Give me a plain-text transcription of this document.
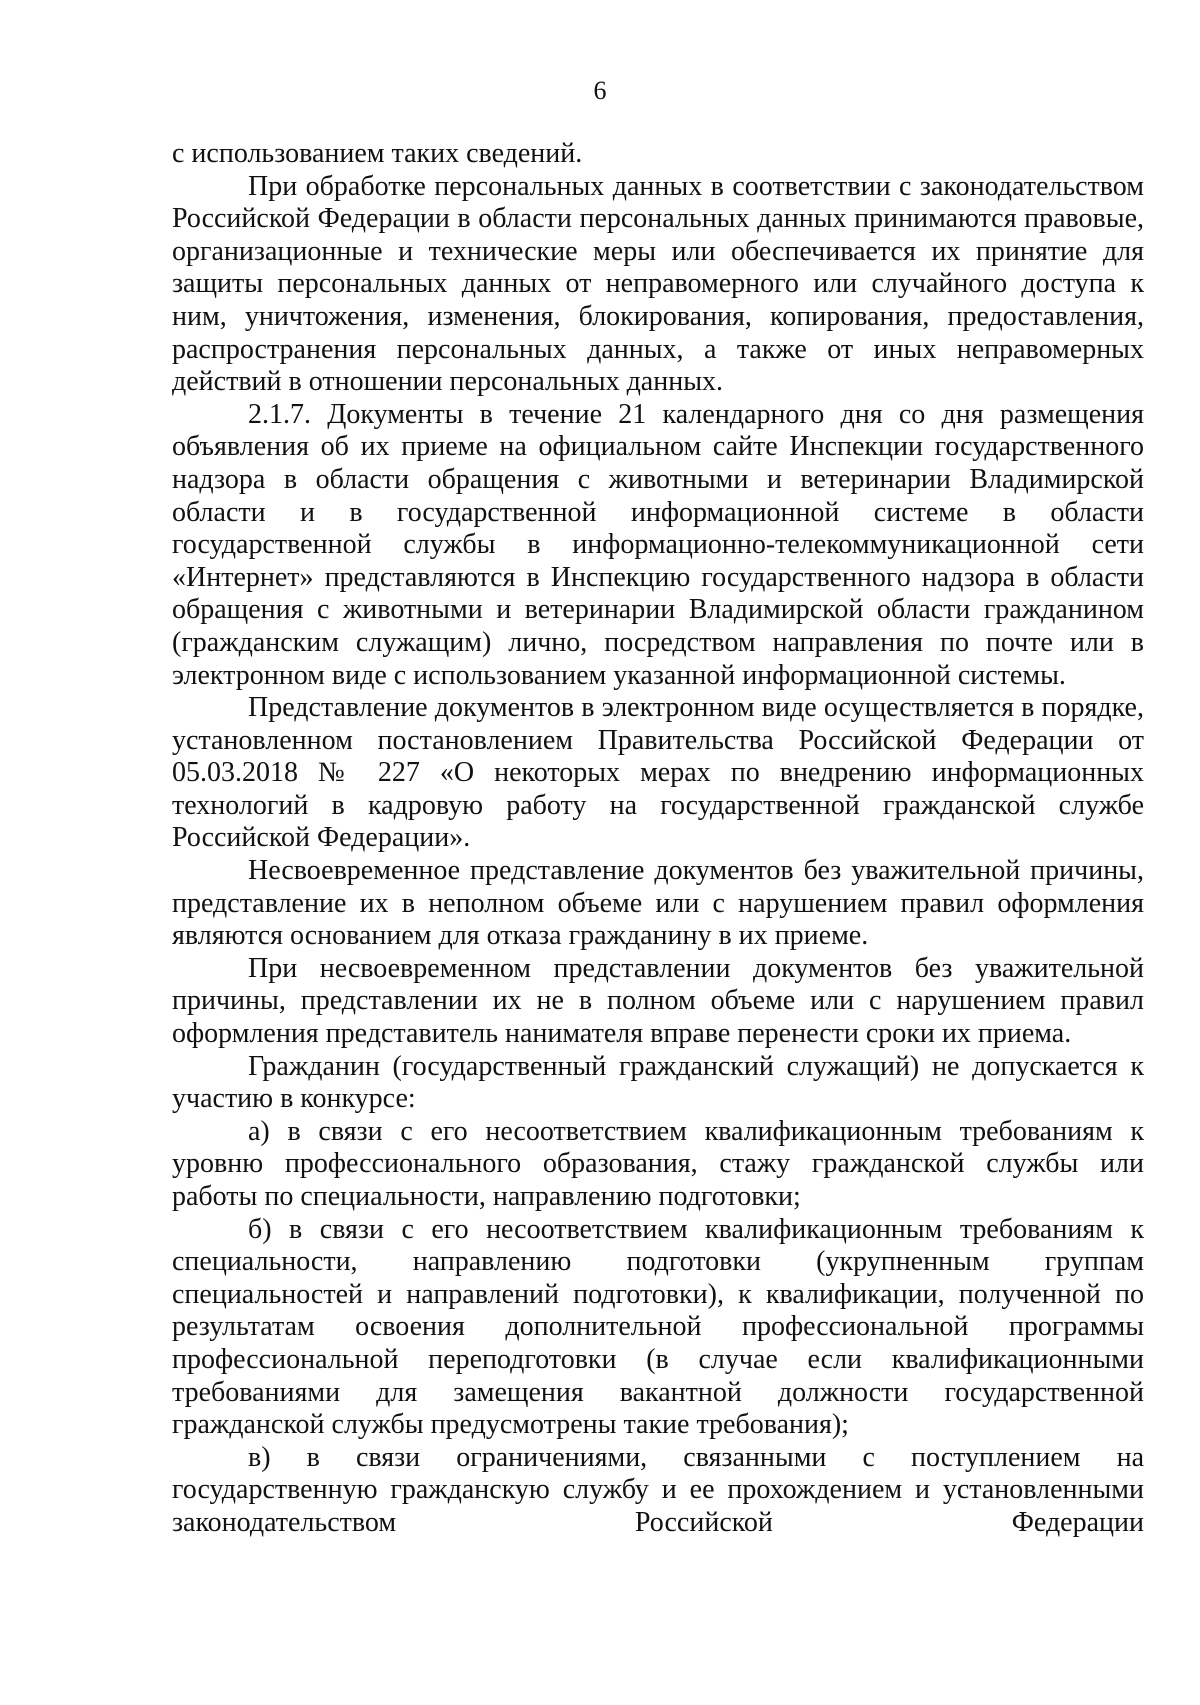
6

с использованием таких сведений.

При обработке персональных данных в соответствии с законодательством Российской Федерации в области персональных данных принимаются правовые, организационные и технические меры или обеспечивается их принятие для защиты персональных данных от неправомерного или случайного доступа к ним, уничтожения, изменения, блокирования, копирования, предоставления, распространения персональных данных, а также от иных неправомерных действий в отношении персональных данных.

2.1.7. Документы в течение 21 календарного дня со дня размещения объявления об их приеме на официальном сайте Инспекции государственного надзора в области обращения с животными и ветеринарии Владимирской области и в государственной информационной системе в области государственной службы в информационно-телекоммуникационной сети «Интернет» представляются в Инспекцию государственного надзора в области обращения с животными и ветеринарии Владимирской области гражданином (гражданским служащим) лично, посредством направления по почте или в электронном виде с использованием указанной информационной системы.

Представление документов в электронном виде осуществляется в порядке, установленном постановлением Правительства Российской Федерации от 05.03.2018 № 227 «О некоторых мерах по внедрению информационных технологий в кадровую работу на государственной гражданской службе Российской Федерации».

Несвоевременное представление документов без уважительной причины, представление их в неполном объеме или с нарушением правил оформления являются основанием для отказа гражданину в их приеме.

При несвоевременном представлении документов без уважительной причины, представлении их не в полном объеме или с нарушением правил оформления представитель нанимателя вправе перенести сроки их приема.

Гражданин (государственный гражданский служащий) не допускается к участию в конкурсе:

а) в связи с его несоответствием квалификационным требованиям к уровню профессионального образования, стажу гражданской службы или работы по специальности, направлению подготовки;

б) в связи с его несоответствием квалификационным требованиям к специальности, направлению подготовки (укрупненным группам специальностей и направлений подготовки), к квалификации, полученной по результатам освоения дополнительной профессиональной программы профессиональной переподготовки (в случае если квалификационными требованиями для замещения вакантной должности государственной гражданской службы предусмотрены такие требования);

в) в связи ограничениями, связанными с поступлением на государственную гражданскую службу и ее прохождением и установленными законодательством Российской Федерации
